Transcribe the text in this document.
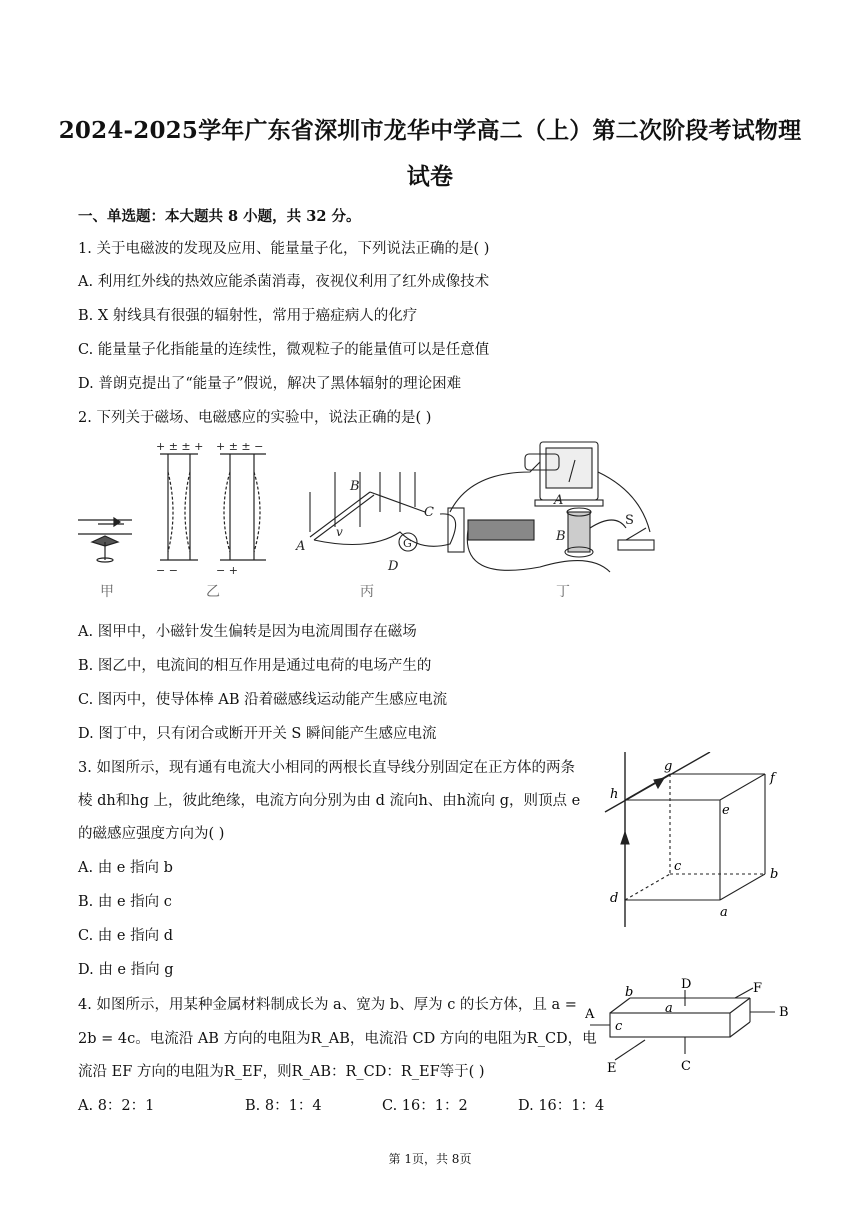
2024-2025学年广东省深圳市龙华中学高二（上）第二次阶段考试物理
试卷
一、单选题：本大题共 8 小题，共 32 分。
1. 关于电磁波的发现及应用、能量量子化，下列说法正确的是( )
A. 利用红外线的热效应能杀菌消毒，夜视仪利用了红外成像技术
B. X 射线具有很强的辐射性，常用于癌症病人的化疗
C. 能量量子化指能量的连续性，微观粒子的能量值可以是任意值
D. 普朗克提出了“能量子”假说，解决了黑体辐射的理论困难
2. 下列关于磁场、电磁感应的实验中，说法正确的是( )
+ ± ± + + ± ± −
− −	− +
A
B
C
D
v
G
A
B
S
甲	乙	丙	丁
A. 图甲中，小磁针发生偏转是因为电流周围存在磁场
B. 图乙中，电流间的相互作用是通过电荷的电场产生的
C. 图丙中，使导体棒 AB 沿着磁感线运动能产生感应电流
D. 图丁中，只有闭合或断开开关 S 瞬间能产生感应电流
3. 如图所示，现有通有电流大小相同的两根长直导线分别固定在正方体的两条
棱 dh和hg 上，彼此绝缘，电流方向分别为由 d 流向h、由h流向 g，则顶点 e
的磁感应强度方向为( )
A. 由 e 指向 b
B. 由 e 指向 c
C. 由 e 指向 d
D. 由 e 指向 g
h
g
f
e
c
b
d
a
4. 如图所示，用某种金属材料制成长为 a、宽为 b、厚为 c 的长方体，且 a =
2b = 4c。电流沿 AB 方向的电阻为R_AB，电流沿 CD 方向的电阻为R_CD，电
流沿 EF 方向的电阻为R_EF，则R_AB：R_CD：R_EF等于( )
A. 8：2：1	B. 8：1：4	C. 16：1：2	D. 16：1：4
D	F
b
a
c
A	B
E	C
第 1页，共 8页
